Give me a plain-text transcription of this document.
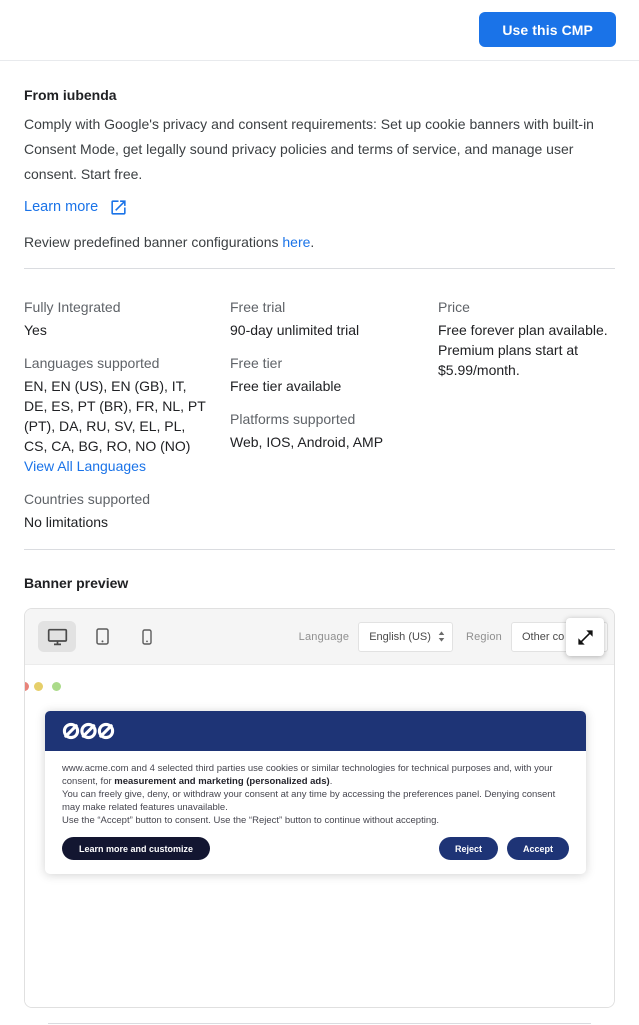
Use this CMP
From iubenda

Comply with Google's privacy and consent requirements: Set up cookie banners with built-in Consent Mode, get legally sound privacy policies and terms of service, and manage user consent. Start free.

Learn more

Review predefined banner configurations here.

Fully Integrated
Yes
Languages supported
EN, EN (US), EN (GB), IT, DE, ES, PT (BR), FR, NL, PT (PT), DA, RU, SV, EL, PL, CS, CA, BG, RO, NO (NO)
View All Languages
Countries supported
No limitations
Free trial
90-day unlimited trial
Free tier
Free tier available
Platforms supported
Web, IOS, Android, AMP
Price
Free forever plan available. Premium plans start at $5.99/month.
Banner preview
Language English (US)	Region Other co
www.acme.com and 4 selected third parties use cookies or similar technologies for technical purposes and, with your consent, for measurement and marketing (personalized ads).
You can freely give, deny, or withdraw your consent at any time by accessing the preferences panel. Denying consent may make related features unavailable.
Use the “Accept” button to consent. Use the “Reject” button to continue without accepting.
Learn more and customize	Reject	Accept
